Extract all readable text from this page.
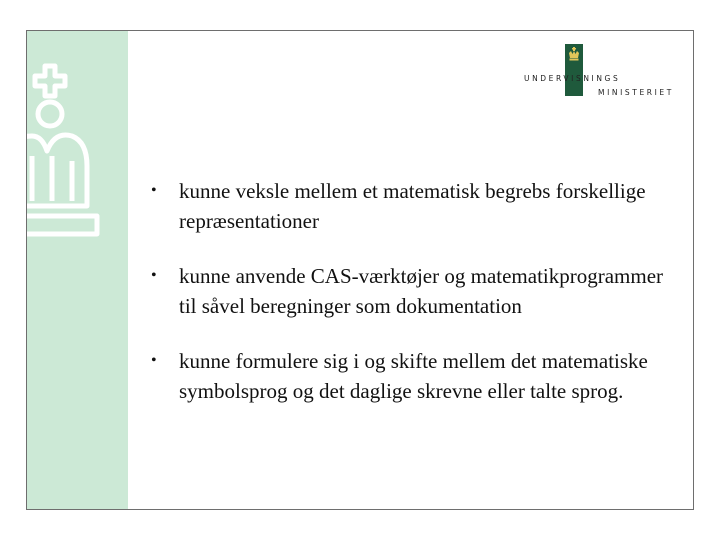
UNDERVISNINGS
MINISTERIET
• kunne veksle mellem et matematisk begrebs forskellige repræsentationer
• kunne anvende CAS-værktøjer og matematikprogrammer til såvel beregninger som dokumentation
• kunne formulere sig i og skifte mellem det matematiske symbolsprog og det daglige skrevne eller talte sprog.
